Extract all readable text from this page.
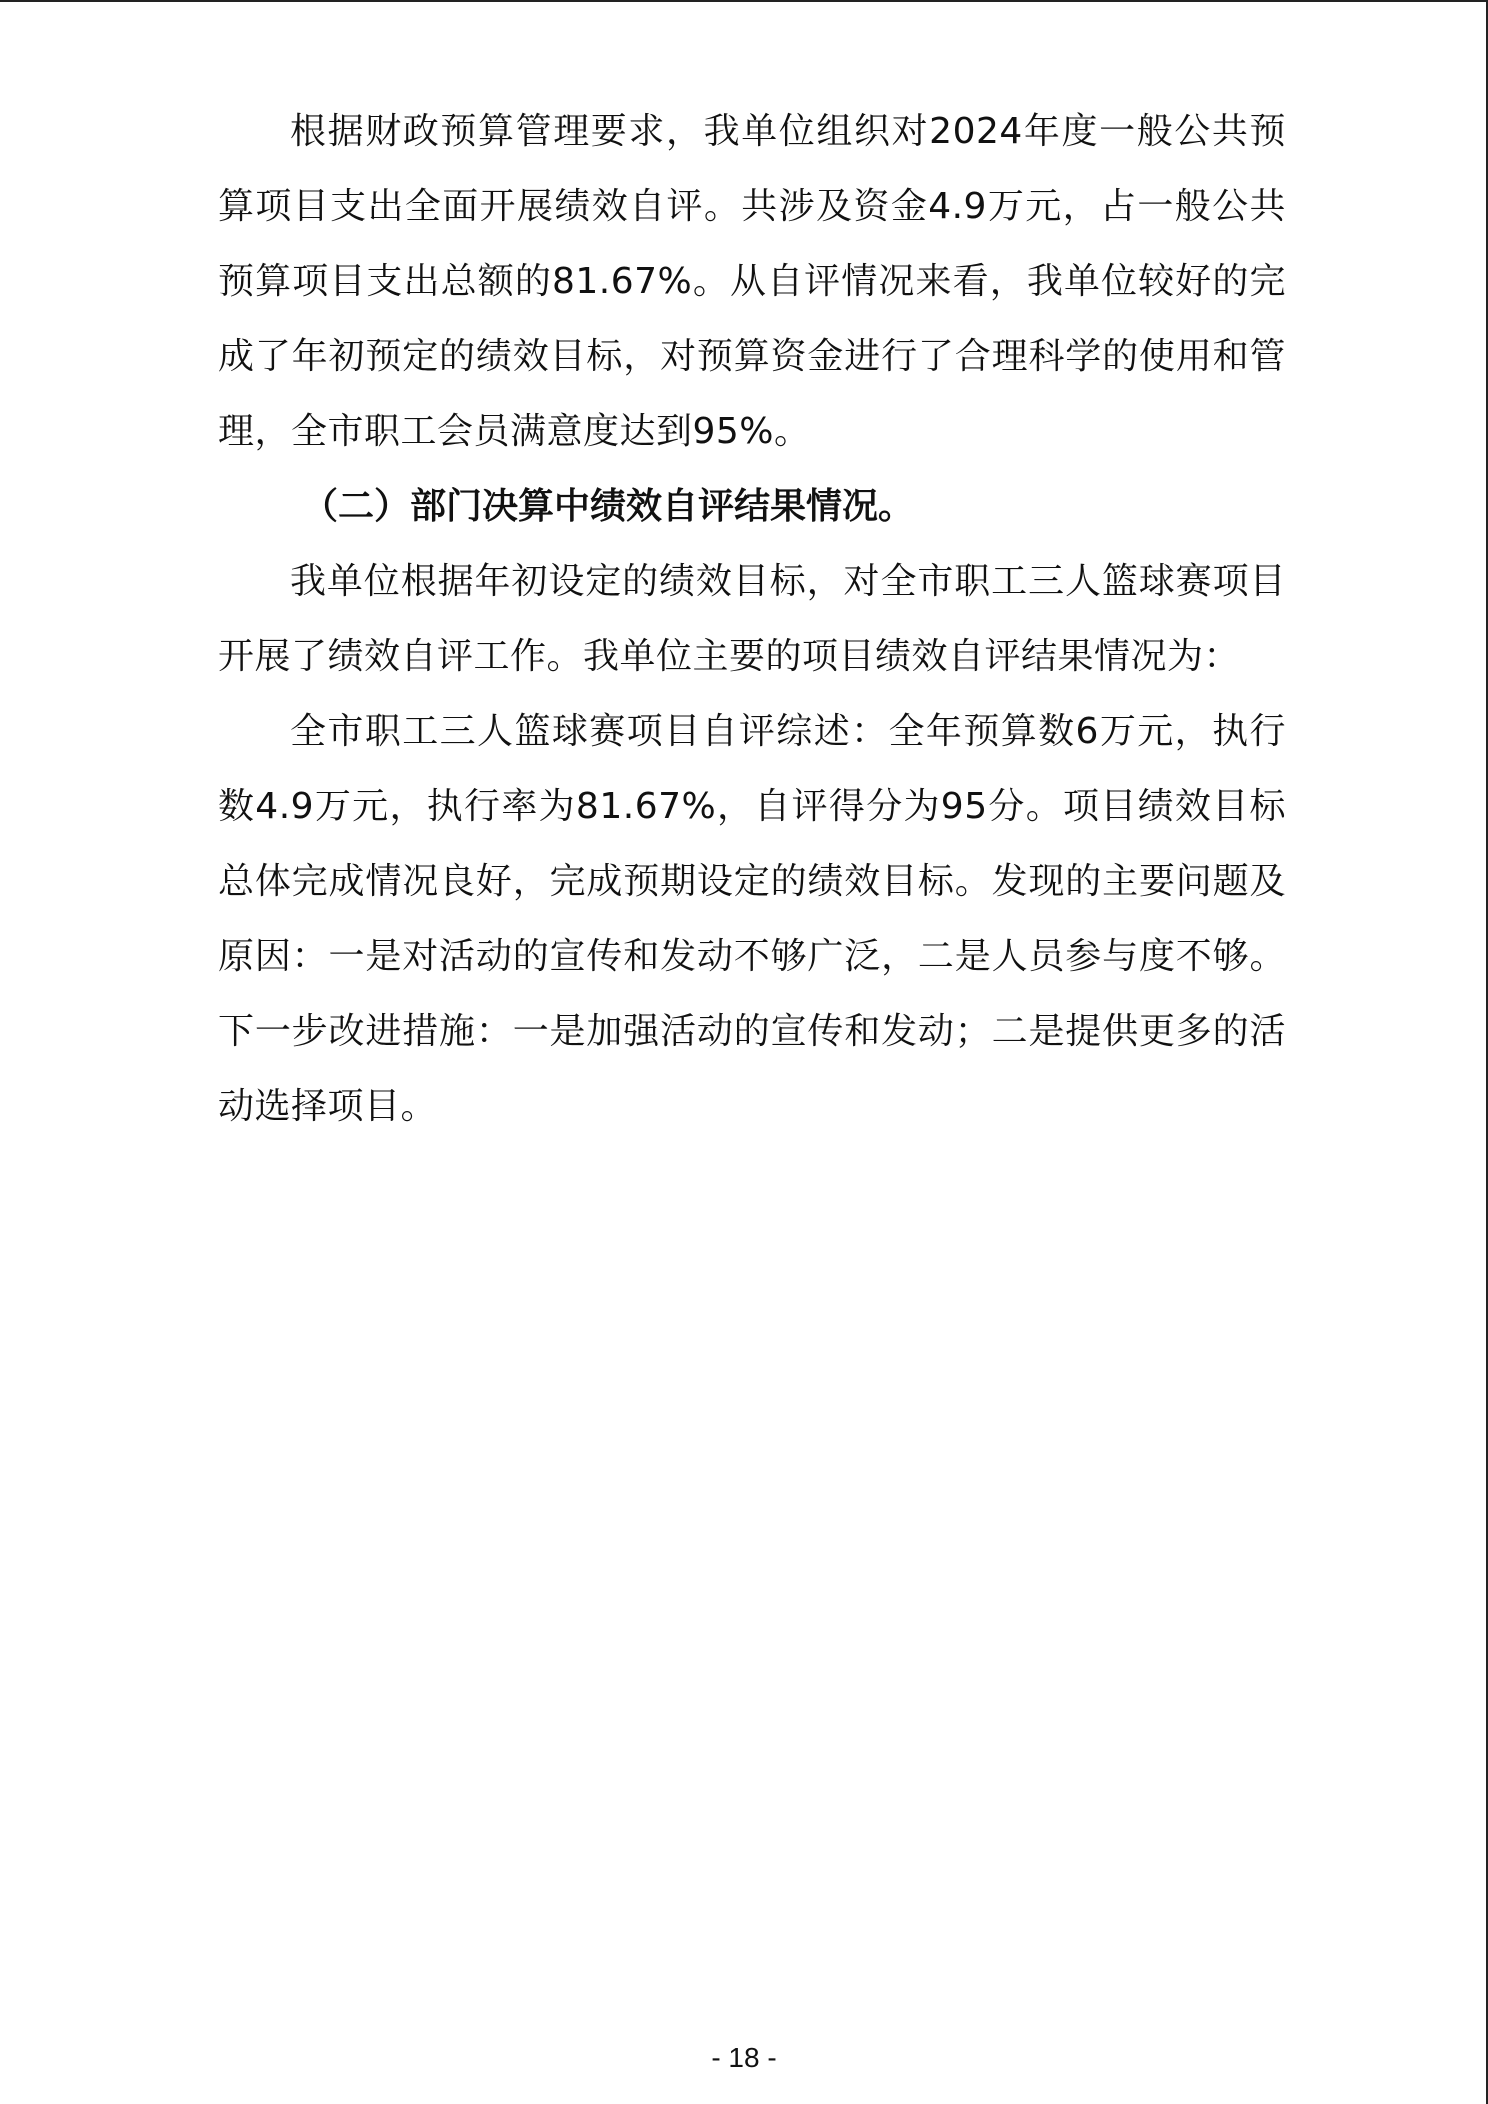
根据财政预算管理要求，我单位组织对2024年度一般公共预算项目支出全面开展绩效自评。共涉及资金4.9万元，占一般公共预算项目支出总额的81.67%。从自评情况来看，我单位较好的完成了年初预定的绩效目标，对预算资金进行了合理科学的使用和管理，全市职工会员满意度达到95%。

（二）部门决算中绩效自评结果情况。

我单位根据年初设定的绩效目标，对全市职工三人篮球赛项目开展了绩效自评工作。我单位主要的项目绩效自评结果情况为：

全市职工三人篮球赛项目自评综述：全年预算数6万元，执行数4.9万元，执行率为81.67%，自评得分为95分。项目绩效目标总体完成情况良好，完成预期设定的绩效目标。发现的主要问题及原因：一是对活动的宣传和发动不够广泛，二是人员参与度不够。下一步改进措施：一是加强活动的宣传和发动；二是提供更多的活动选择项目。

- 18 -
